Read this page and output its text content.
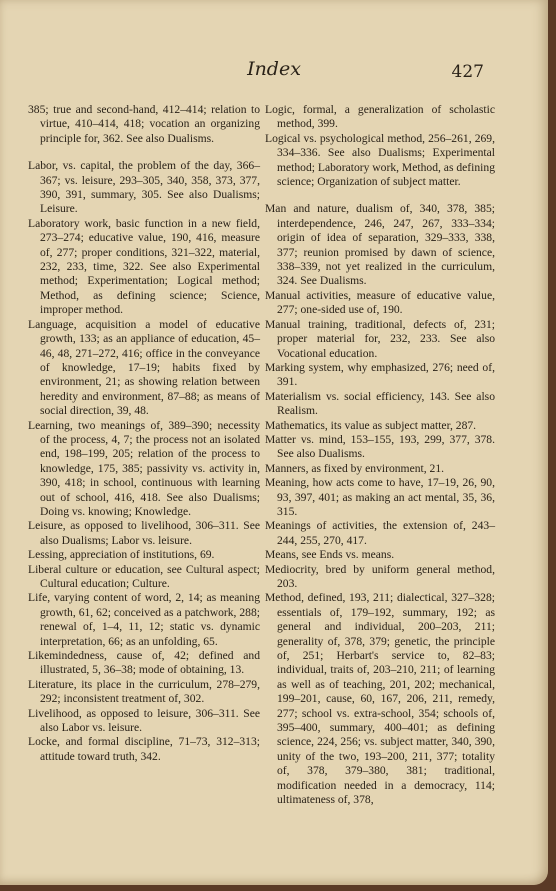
Index	427

385; true and second-hand, 412–414; relation to virtue, 410–414, 418; vocation an organizing principle for, 362. See also Dualisms.

Labor, vs. capital, the problem of the day, 366–367; vs. leisure, 293–305, 340, 358, 373, 377, 390, 391, summary, 305. See also Dualisms; Leisure.

Laboratory work, basic function in a new field, 273–274; educative value, 190, 416, measure of, 277; proper conditions, 321–322, material, 232, 233, time, 322. See also Experimental method; Experimentation; Logical method; Method, as defining science; Science, improper method.

Language, acquisition a model of educative growth, 133; as an appliance of education, 45–46, 48, 271–272, 416; office in the conveyance of knowledge, 17–19; habits fixed by environment, 21; as showing relation between heredity and environment, 87–88; as means of social direction, 39, 48.

Learning, two meanings of, 389–390; necessity of the process, 4, 7; the process not an isolated end, 198–199, 205; relation of the process to knowledge, 175, 385; passivity vs. activity in, 390, 418; in school, continuous with learning out of school, 416, 418. See also Dualisms; Doing vs. knowing; Knowledge.

Leisure, as opposed to livelihood, 306–311. See also Dualisms; Labor vs. leisure.

Lessing, appreciation of institutions, 69.

Liberal culture or education, see Cultural aspect; Cultural education; Culture.

Life, varying content of word, 2, 14; as meaning growth, 61, 62; conceived as a patchwork, 288; renewal of, 1–4, 11, 12; static vs. dynamic interpretation, 66; as an unfolding, 65.

Likemindedness, cause of, 42; defined and illustrated, 5, 36–38; mode of obtaining, 13.

Literature, its place in the curriculum, 278–279, 292; inconsistent treatment of, 302.

Livelihood, as opposed to leisure, 306–311. See also Labor vs. leisure.

Locke, and formal discipline, 71–73, 312–313; attitude toward truth, 342.

Logic, formal, a generalization of scholastic method, 399.

Logical vs. psychological method, 256–261, 269, 334–336. See also Dualisms; Experimental method; Laboratory work, Method, as defining science; Organization of subject matter.

Man and nature, dualism of, 340, 378, 385; interdependence, 246, 247, 267, 333–334; origin of idea of separation, 329–333, 338, 377; reunion promised by dawn of science, 338–339, not yet realized in the curriculum, 324. See Dualisms.

Manual activities, measure of educative value, 277; one-sided use of, 190.

Manual training, traditional, defects of, 231; proper material for, 232, 233. See also Vocational education.

Marking system, why emphasized, 276; need of, 391.

Materialism vs. social efficiency, 143. See also Realism.

Mathematics, its value as subject matter, 287.

Matter vs. mind, 153–155, 193, 299, 377, 378. See also Dualisms.

Manners, as fixed by environment, 21.

Meaning, how acts come to have, 17–19, 26, 90, 93, 397, 401; as making an act mental, 35, 36, 315.

Meanings of activities, the extension of, 243–244, 255, 270, 417.

Means, see Ends vs. means.

Mediocrity, bred by uniform general method, 203.

Method, defined, 193, 211; dialectical, 327–328; essentials of, 179–192, summary, 192; as general and individual, 200–203, 211; generality of, 378, 379; genetic, the principle of, 251; Herbart's service to, 82–83; individual, traits of, 203–210, 211; of learning as well as of teaching, 201, 202; mechanical, 199–201, cause, 60, 167, 206, 211, remedy, 277; school vs. extra-school, 354; schools of, 395–400, summary, 400–401; as defining science, 224, 256; vs. subject matter, 340, 390, unity of the two, 193–200, 211, 377; totality of, 378, 379–380, 381; traditional, modification needed in a democracy, 114; ultimateness of, 378,
